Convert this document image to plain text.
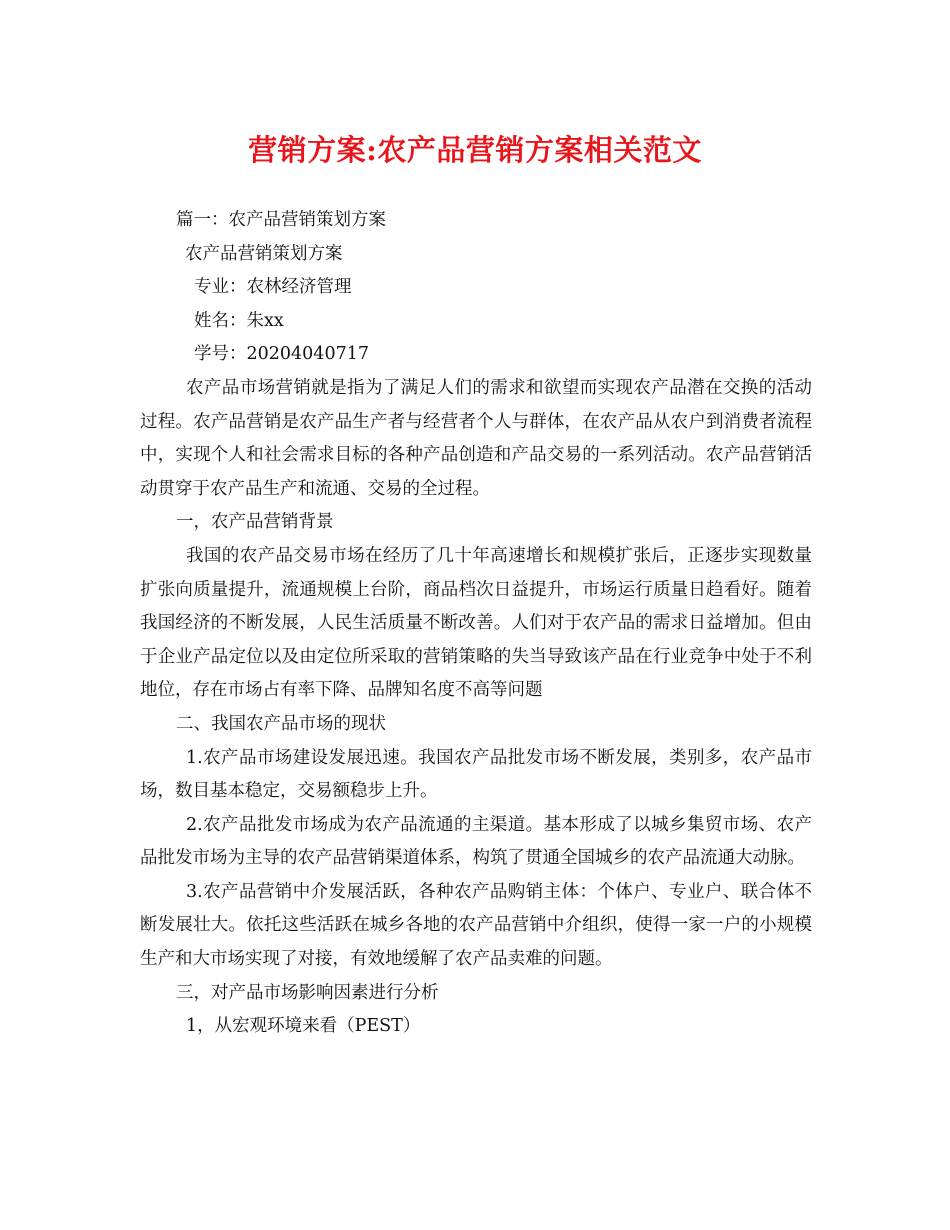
营销方案:农产品营销方案相关范文

篇一：农产品营销策划方案

农产品营销策划方案

专业：农林经济管理

姓名：朱xx

学号：20204040717

农产品市场营销就是指为了满足人们的需求和欲望而实现农产品潜在交换的活动过程。农产品营销是农产品生产者与经营者个人与群体，在农产品从农户到消费者流程中，实现个人和社会需求目标的各种产品创造和产品交易的一系列活动。农产品营销活动贯穿于农产品生产和流通、交易的全过程。

一，农产品营销背景

我国的农产品交易市场在经历了几十年高速增长和规模扩张后，正逐步实现数量扩张向质量提升，流通规模上台阶，商品档次日益提升，市场运行质量日趋看好。随着我国经济的不断发展，人民生活质量不断改善。人们对于农产品的需求日益增加。但由于企业产品定位以及由定位所采取的营销策略的失当导致该产品在行业竞争中处于不利地位，存在市场占有率下降、品牌知名度不高等问题

二、我国农产品市场的现状

1.农产品市场建设发展迅速。我国农产品批发市场不断发展，类别多，农产品市场，数目基本稳定，交易额稳步上升。

2.农产品批发市场成为农产品流通的主渠道。基本形成了以城乡集贸市场、农产品批发市场为主导的农产品营销渠道体系，构筑了贯通全国城乡的农产品流通大动脉。

3.农产品营销中介发展活跃，各种农产品购销主体：个体户、专业户、联合体不断发展壮大。依托这些活跃在城乡各地的农产品营销中介组织，使得一家一户的小规模生产和大市场实现了对接，有效地缓解了农产品卖难的问题。

三，对产品市场影响因素进行分析

1，从宏观环境来看（PEST）
